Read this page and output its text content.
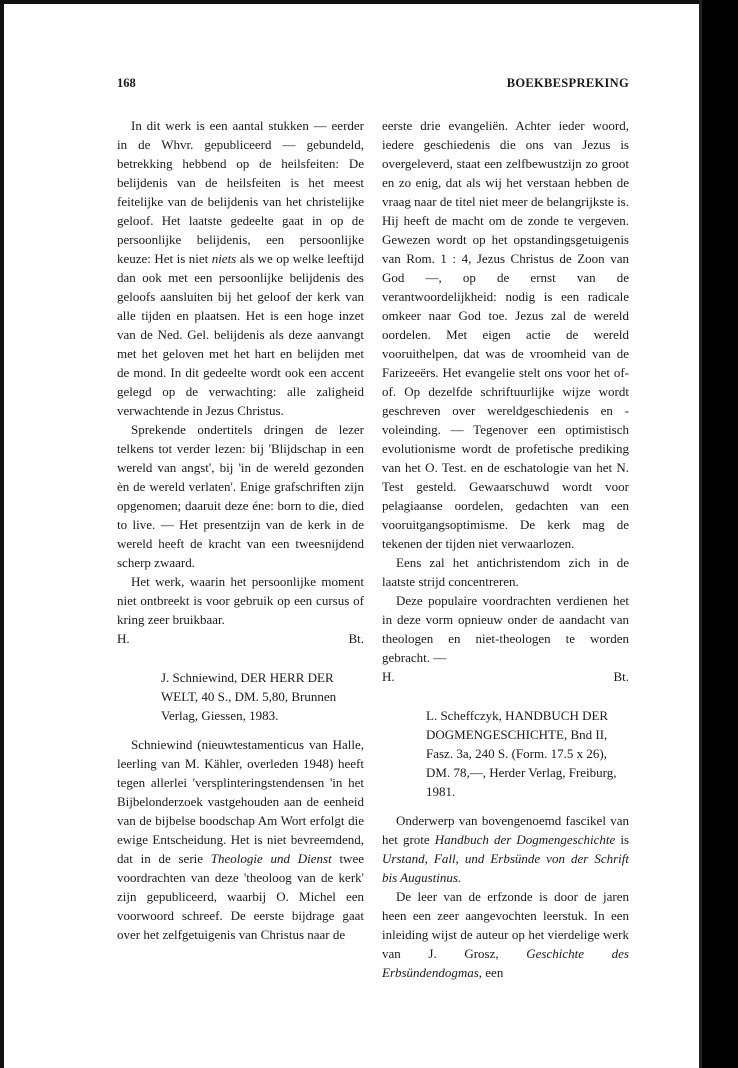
168	BOEKBESPREKING

In dit werk is een aantal stukken — eerder in de Whvr. gepubliceerd — gebundeld, betrekking hebbend op de heilsfeiten: De belijdenis van de heilsfeiten is het meest feitelijke van de belijdenis van het christelijke geloof. Het laatste gedeelte gaat in op de persoonlijke belijdenis, een persoonlijke keuze: Het is niet niets als we op welke leeftijd dan ook met een persoonlijke belijdenis des geloofs aansluiten bij het geloof der kerk van alle tijden en plaatsen. Het is een hoge inzet van de Ned. Gel. belijdenis als deze aanvangt met het geloven met het hart en belijden met de mond. In dit gedeelte wordt ook een accent gelegd op de verwachting: alle zaligheid verwachtende in Jezus Christus.

Sprekende ondertitels dringen de lezer telkens tot verder lezen: bij 'Blijdschap in een wereld van angst', bij 'in de wereld gezonden èn de wereld verlaten'. Enige grafschriften zijn opgenomen; daaruit deze éne: born to die, died to live. — Het presentzijn van de kerk in de wereld heeft de kracht van een tweesnijdend scherp zwaard.

Het werk, waarin het persoonlijke moment niet ontbreekt is voor gebruik op een cursus of kring zeer bruikbaar.

H.	Bt.

J. Schniewind, DER HERR DER WELT, 40 S., DM. 5,80, Brunnen Verlag, Giessen, 1983.

Schniewind (nieuwtestamenticus van Halle, leerling van M. Kähler, overleden 1948) heeft tegen allerlei 'versplinteringstendensen 'in het Bijbelonderzoek vastgehouden aan de eenheid van de bijbelse boodschap Am Wort erfolgt die ewige Entscheidung. Het is niet bevreemdend, dat in de serie Theologie und Dienst twee voordrachten van deze 'theoloog van de kerk' zijn gepubliceerd, waarbij O. Michel een voorwoord schreef. De eerste bijdrage gaat over het zelfgetuigenis van Christus naar de

eerste drie evangeliën. Achter ieder woord, iedere geschiedenis die ons van Jezus is overgeleverd, staat een zelfbewustzijn zo groot en zo enig, dat als wij het verstaan hebben de vraag naar de titel niet meer de belangrijkste is. Hij heeft de macht om de zonde te vergeven. Gewezen wordt op het opstandingsgetuigenis van Rom. 1 : 4, Jezus Christus de Zoon van God —, op de ernst van de verantwoordelijkheid: nodig is een radicale omkeer naar God toe. Jezus zal de wereld oordelen. Met eigen actie de wereld vooruithelpen, dat was de vroomheid van de Farizeeërs. Het evangelie stelt ons voor het of- of. Op dezelfde schriftuurlijke wijze wordt geschreven over wereldgeschiedenis en -voleinding. — Tegenover een optimistisch evolutionisme wordt de profetische prediking van het O. Test. en de eschatologie van het N. Test gesteld. Gewaarschuwd wordt voor pelagiaanse oordelen, gedachten van een vooruitgangsoptimisme. De kerk mag de tekenen der tijden niet verwaarlozen.

Eens zal het antichristendom zich in de laatste strijd concentreren.

Deze populaire voordrachten verdienen het in deze vorm opnieuw onder de aandacht van theologen en niet-theologen te worden gebracht. —

H.	Bt.

L. Scheffczyk, HANDBUCH DER DOGMENGESCHICHTE, Bnd II, Fasz. 3a, 240 S. (Form. 17.5 x 26), DM. 78,—, Herder Verlag, Freiburg, 1981.

Onderwerp van bovengenoemd fascikel van het grote Handbuch der Dogmengeschichte is Urstand, Fall, und Erbsünde von der Schrift bis Augustinus.

De leer van de erfzonde is door de jaren heen een zeer aangevochten leerstuk. In een inleiding wijst de auteur op het vierdelige werk van J. Grosz, Geschichte des Erbsündendogmas, een
